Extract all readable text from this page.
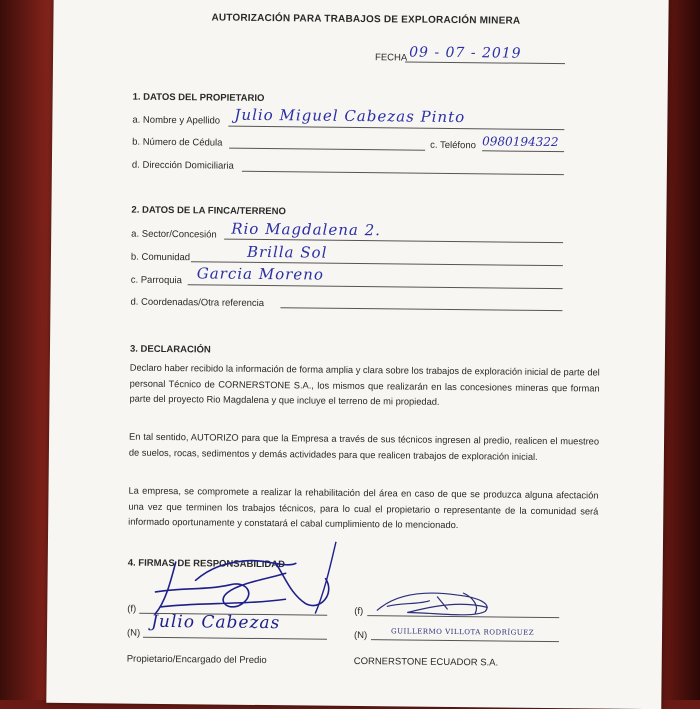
AUTORIZACIÓN PARA TRABAJOS DE EXPLORACIÓN MINERA
FECHA 09 - 07 - 2019
1. DATOS DEL PROPIETARIO
a. Nombre y Apellido Julio Miguel Cabezas Pinto
b. Número de Cédula	c. Teléfono 0980194322
d. Dirección Domiciliaria
2. DATOS DE LA FINCA/TERRENO
a. Sector/Concesión Rio Magdalena 2.
b. Comunidad	Brilla Sol
c. Parroquia Garcia Moreno
d. Coordenadas/Otra referencia
3. DECLARACIÓN
Declaro haber recibido la información de forma amplia y clara sobre los trabajos de exploración inicial de parte del personal Técnico de CORNERSTONE S.A., los mismos que realizarán en las concesiones mineras que forman parte del proyecto Rio Magdalena y que incluye el terreno de mi propiedad.
En tal sentido, AUTORIZO para que la Empresa a través de sus técnicos ingresen al predio, realicen el muestreo de suelos, rocas, sedimentos y demás actividades para que realicen trabajos de exploración inicial.
La empresa, se compromete a realizar la rehabilitación del área en caso de que se produzca alguna afectación una vez que terminen los trabajos técnicos, para lo cual el propietario o representante de la comunidad será informado oportunamente y constatará el cabal cumplimiento de lo mencionado.
4. FIRMAS DE RESPONSABILIDAD
(f)	(f)
(N) Julio Cabezas
(N)	GUILLERMO VILLOTA RODRÍGUEZ
Propietario/Encargado del Predio	CORNERSTONE ECUADOR S.A.
